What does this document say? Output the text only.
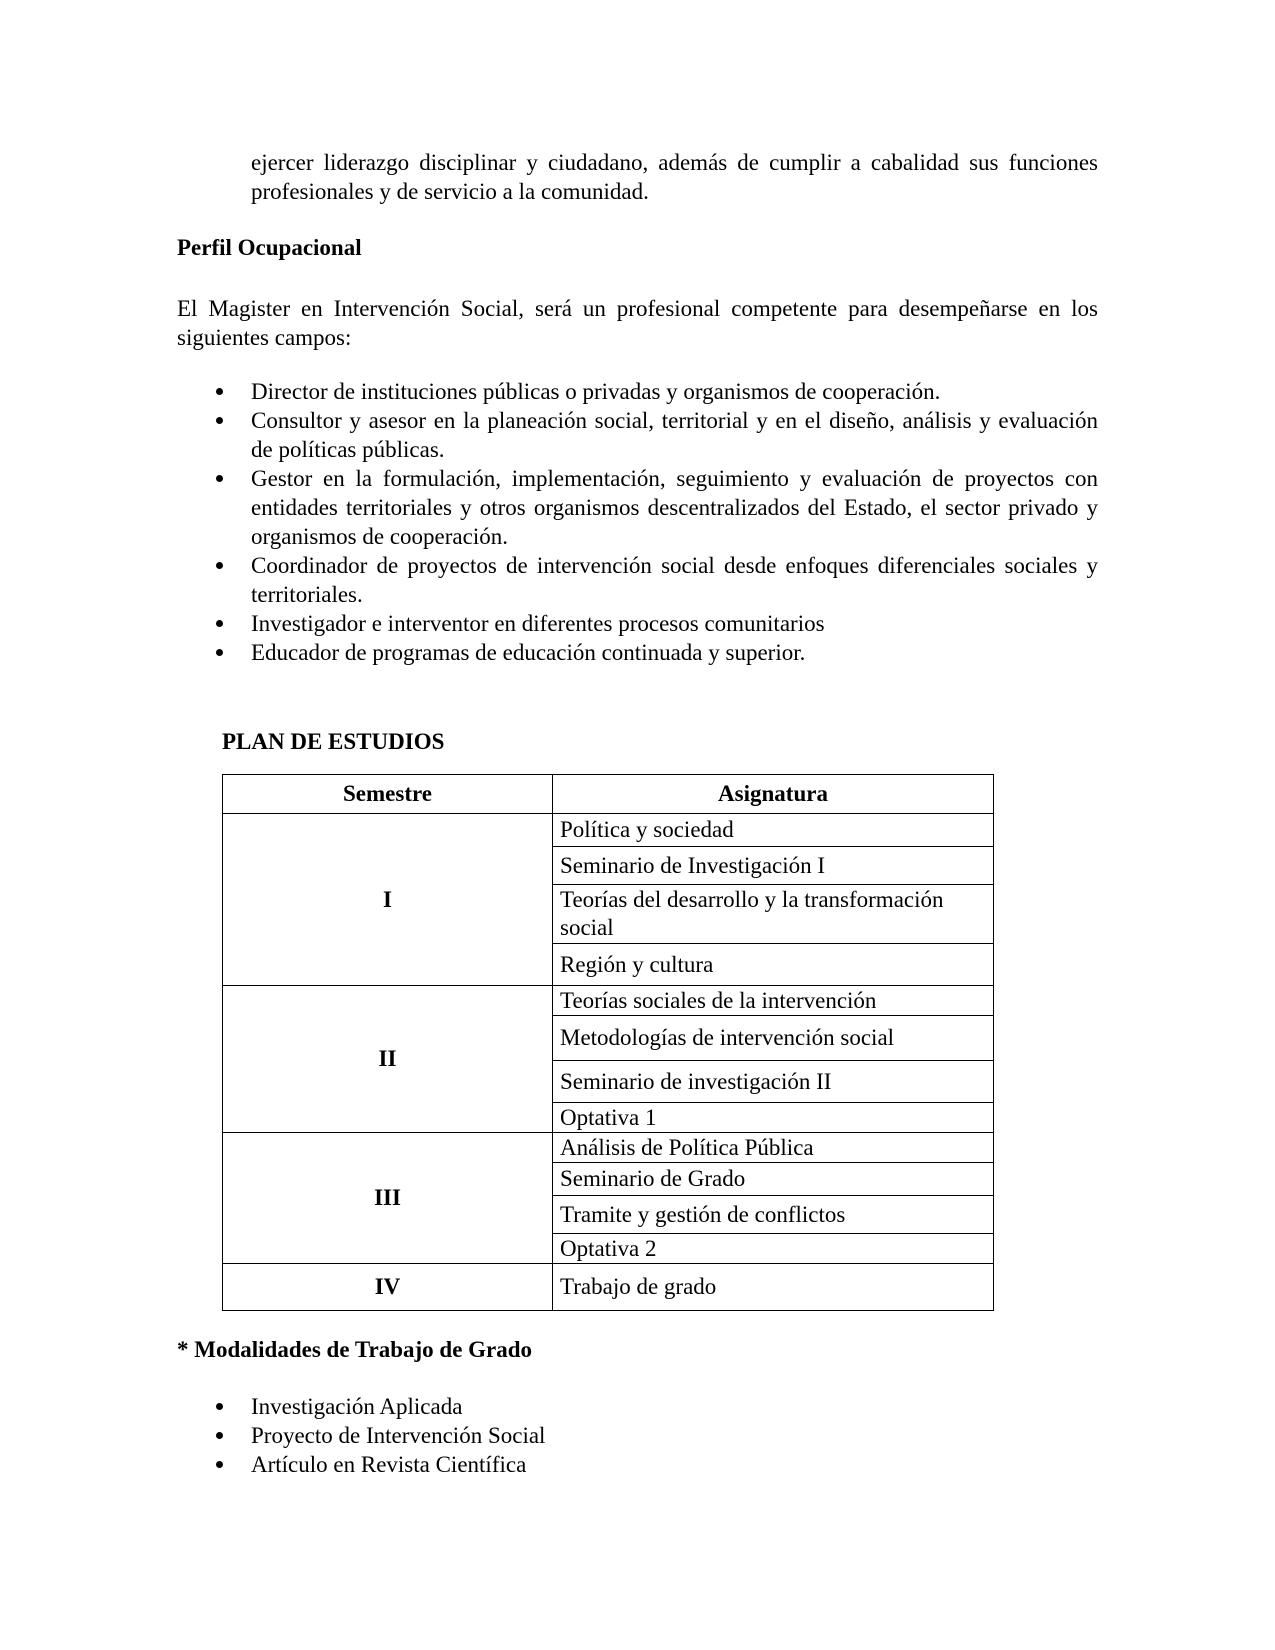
ejercer liderazgo disciplinar y ciudadano, además de cumplir a cabalidad sus funciones profesionales y de servicio a la comunidad.

Perfil Ocupacional

El Magister en Intervención Social, será un profesional competente para desempeñarse en los siguientes campos:

Director de instituciones públicas o privadas y organismos de cooperación.
Consultor y asesor en la planeación social, territorial y en el diseño, análisis y evaluación de políticas públicas.
Gestor en la formulación, implementación, seguimiento y evaluación de proyectos con entidades territoriales y otros organismos descentralizados del Estado, el sector privado y organismos de cooperación.
Coordinador de proyectos de intervención social desde enfoques diferenciales sociales y territoriales.
Investigador e interventor en diferentes procesos comunitarios
Educador de programas de educación continuada y superior.

PLAN DE ESTUDIOS

Semestre	Asignatura
I	Política y sociedad
	Seminario de Investigación I
	Teorías del desarrollo y la transformación social
	Región y cultura
II	Teorías sociales de la intervención
	Metodologías de intervención social
	Seminario de investigación II
	Optativa 1
III	Análisis de Política Pública
	Seminario de Grado
	Tramite y gestión de conflictos
	Optativa 2
IV	Trabajo de grado

* Modalidades de Trabajo de Grado

Investigación Aplicada
Proyecto de Intervención Social
Artículo en Revista Científica
